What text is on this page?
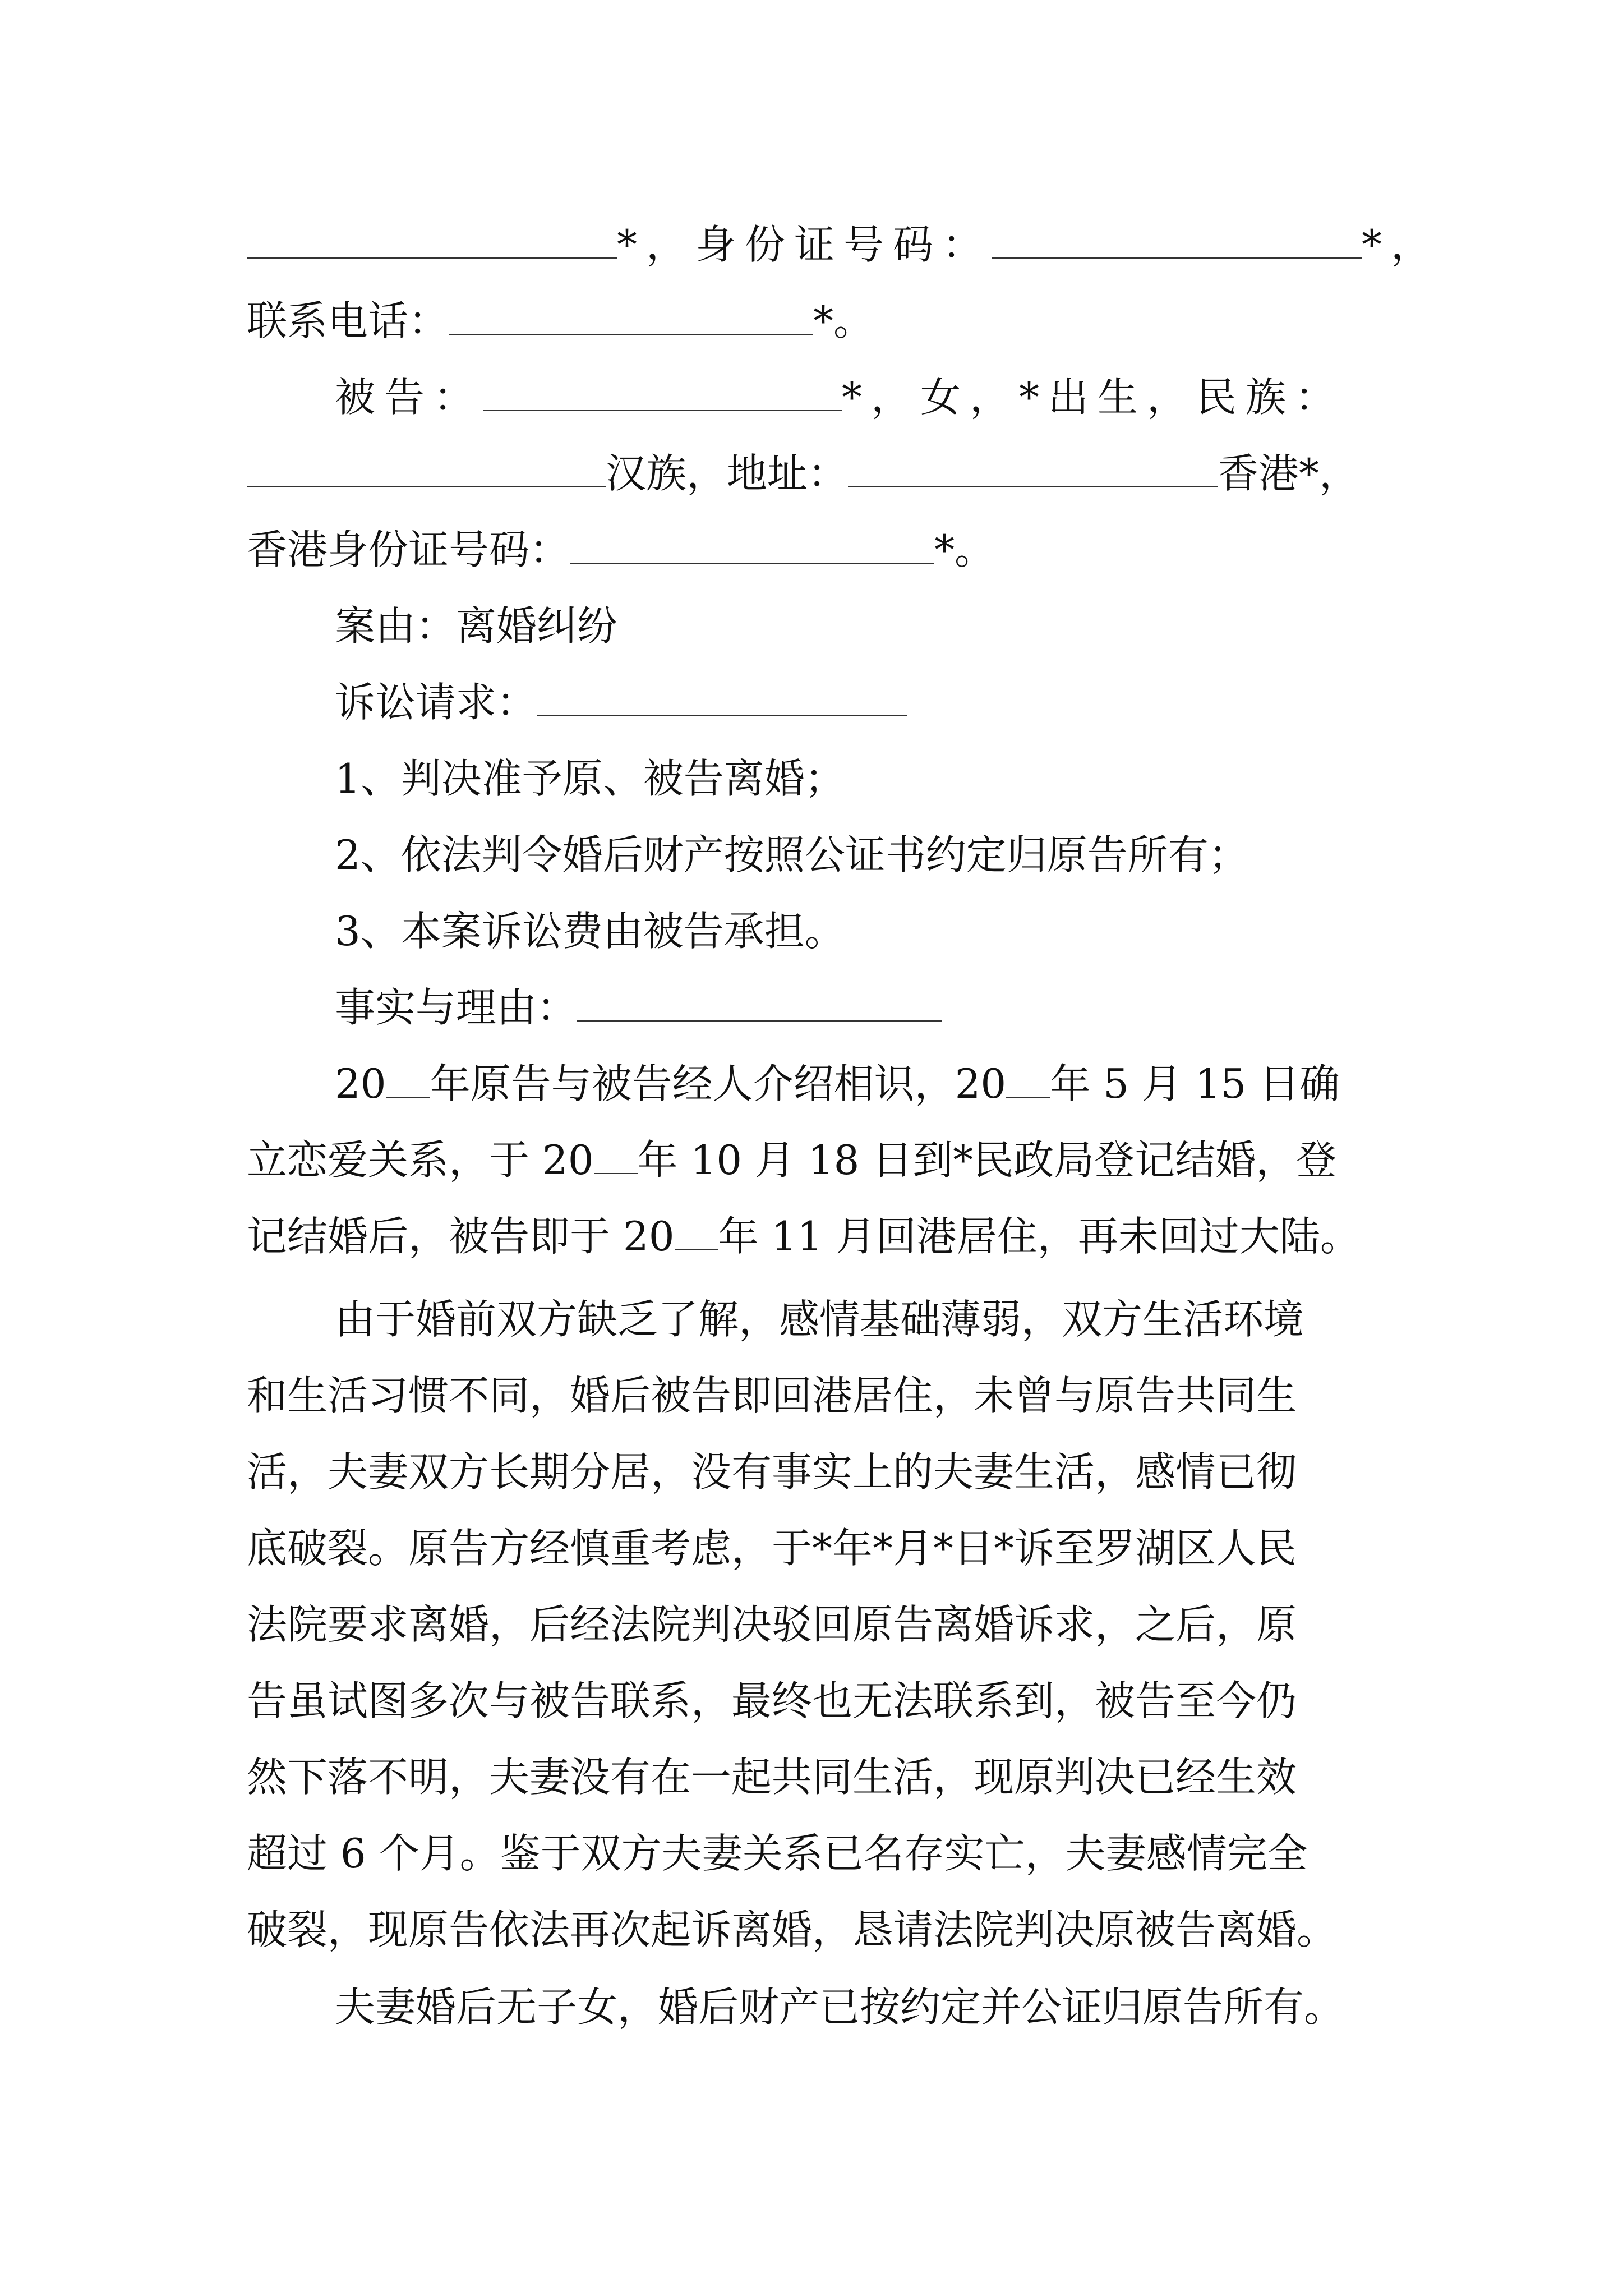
*，身份证号码：	*，
联系电话：	*。
被告：	*，女，*出生，民族：
汉族，地址：	香港*，
香港身份证号码：	*。
案由：离婚纠纷
诉讼请求：
1、判决准予原、被告离婚；
2、依法判令婚后财产按照公证书约定归原告所有；
3、本案诉讼费由被告承担。
事实与理由：
20 年原告与被告经人介绍相识，20 年 5 月 15 日确
立恋爱关系，于 20 年 10 月 18 日到*民政局登记结婚，登
记结婚后，被告即于 20 年 11 月回港居住，再未回过大陆。
由于婚前双方缺乏了解，感情基础薄弱，双方生活环境
和生活习惯不同，婚后被告即回港居住，未曾与原告共同生
活，夫妻双方长期分居，没有事实上的夫妻生活，感情已彻
底破裂。原告方经慎重考虑，于*年*月*日*诉至罗湖区人民
法院要求离婚，后经法院判决驳回原告离婚诉求，之后，原
告虽试图多次与被告联系，最终也无法联系到，被告至今仍
然下落不明，夫妻没有在一起共同生活，现原判决已经生效
超过 6 个月。鉴于双方夫妻关系已名存实亡，夫妻感情完全
破裂，现原告依法再次起诉离婚，恳请法院判决原被告离婚。
夫妻婚后无子女，婚后财产已按约定并公证归原告所有。
